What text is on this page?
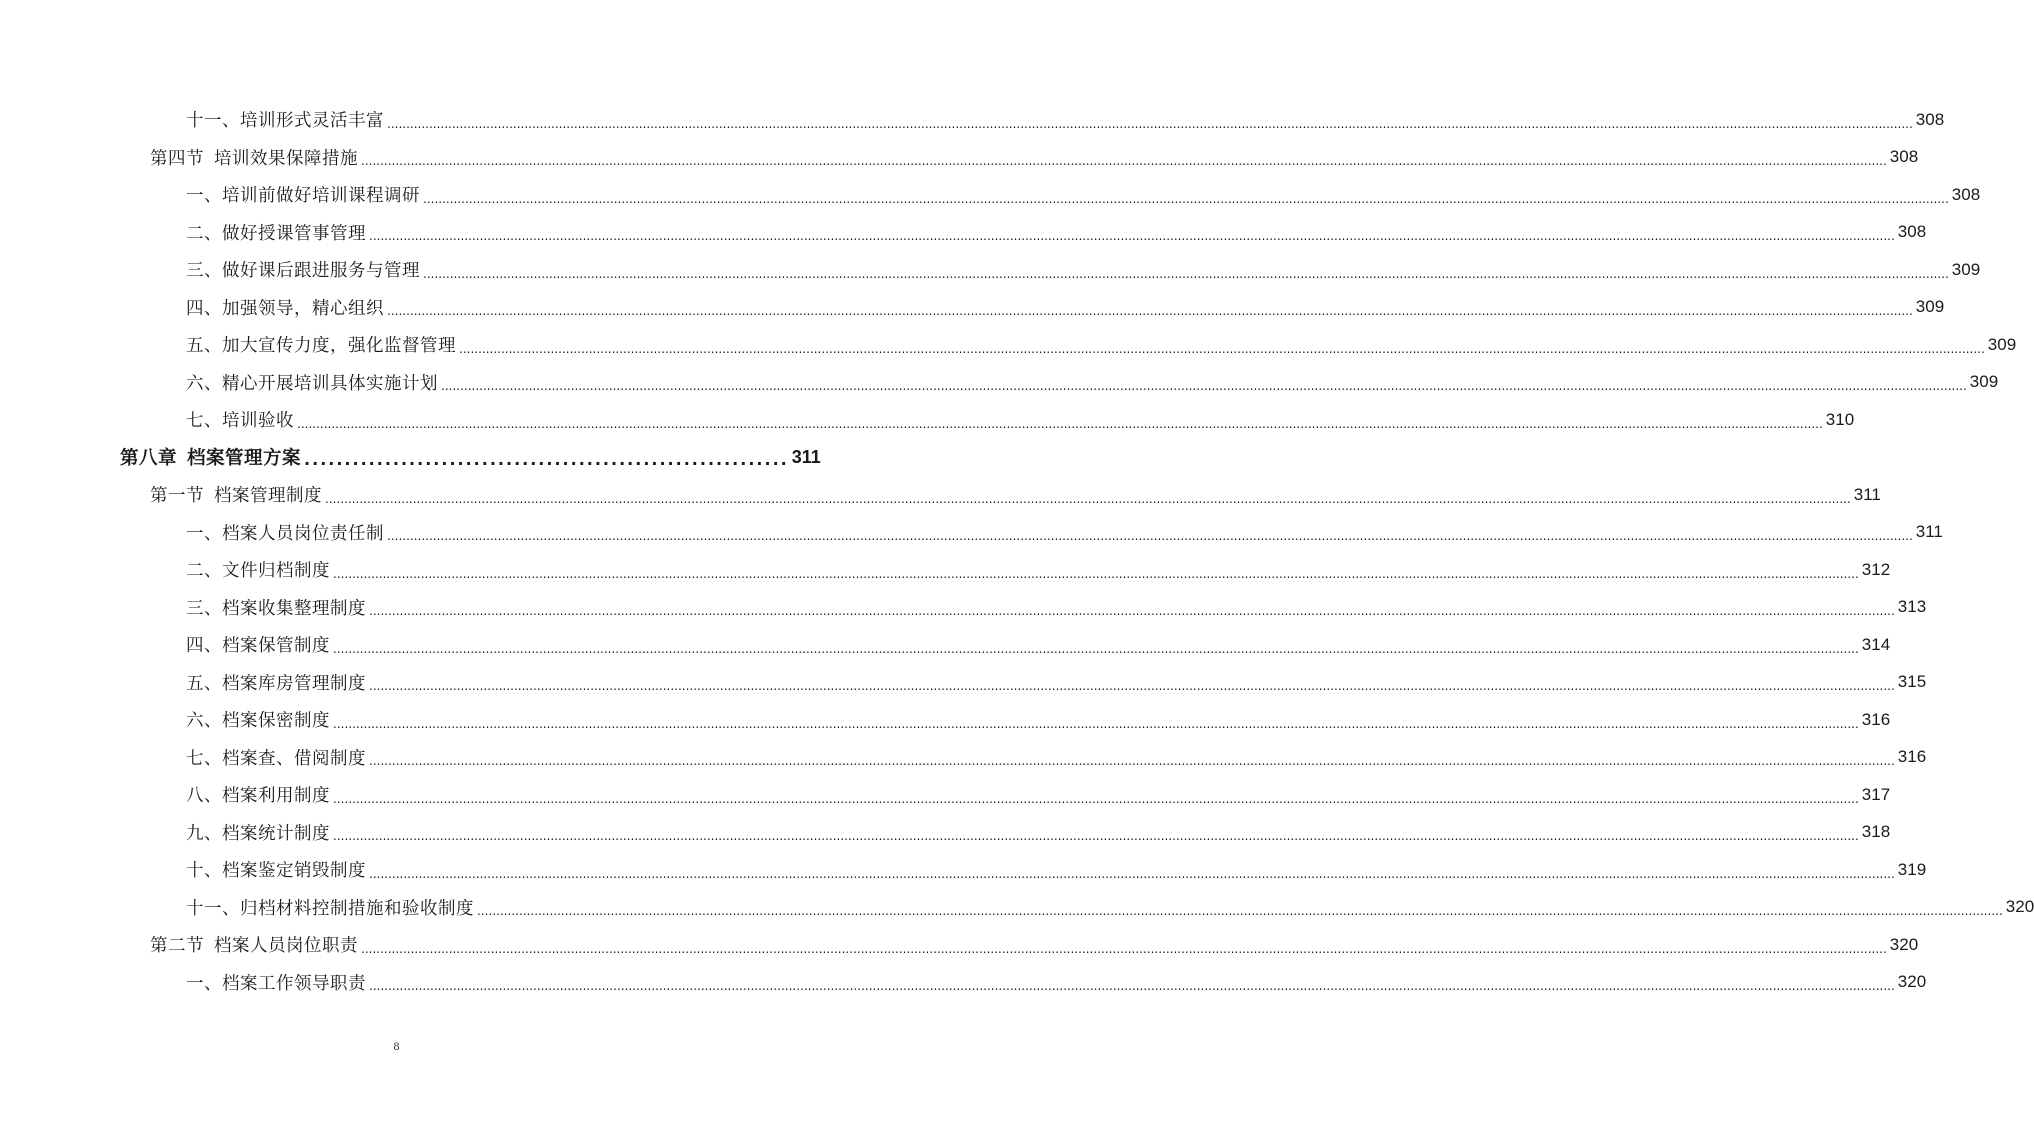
十一、培训形式灵活丰富 ................................................................................................................................................................................................................................................................................................................................................................................................................ 308
第四节 培训效果保障措施 ................................................................................................................................................................................................................................................................................................................................................................................................................ 308
一、培训前做好培训课程调研 ................................................................................................................................................................................................................................................................................................................................................................................................................ 308
二、做好授课管事管理 ................................................................................................................................................................................................................................................................................................................................................................................................................ 308
三、做好课后跟进服务与管理 ................................................................................................................................................................................................................................................................................................................................................................................................................ 309
四、加强领导，精心组织 ................................................................................................................................................................................................................................................................................................................................................................................................................ 309
五、加大宣传力度，强化监督管理 ................................................................................................................................................................................................................................................................................................................................................................................................................ 309
六、精心开展培训具体实施计划 ................................................................................................................................................................................................................................................................................................................................................................................................................ 309
七、培训验收 ................................................................................................................................................................................................................................................................................................................................................................................................................ 310
第八章 档案管理方案 ............................................................ 311
第一节 档案管理制度 ................................................................................................................................................................................................................................................................................................................................................................................................................ 311
一、档案人员岗位责任制 ................................................................................................................................................................................................................................................................................................................................................................................................................ 311
二、文件归档制度 ................................................................................................................................................................................................................................................................................................................................................................................................................ 312
三、档案收集整理制度 ................................................................................................................................................................................................................................................................................................................................................................................................................ 313
四、档案保管制度 ................................................................................................................................................................................................................................................................................................................................................................................................................ 314
五、档案库房管理制度 ................................................................................................................................................................................................................................................................................................................................................................................................................ 315
六、档案保密制度 ................................................................................................................................................................................................................................................................................................................................................................................................................ 316
七、档案查、借阅制度 ................................................................................................................................................................................................................................................................................................................................................................................................................ 316
八、档案利用制度 ................................................................................................................................................................................................................................................................................................................................................................................................................ 317
九、档案统计制度 ................................................................................................................................................................................................................................................................................................................................................................................................................ 318
十、档案鉴定销毁制度 ................................................................................................................................................................................................................................................................................................................................................................................................................ 319
十一、归档材料控制措施和验收制度 ................................................................................................................................................................................................................................................................................................................................................................................................................ 320
第二节 档案人员岗位职责 ................................................................................................................................................................................................................................................................................................................................................................................................................ 320
一、档案工作领导职责 ................................................................................................................................................................................................................................................................................................................................................................................................................ 320
8
